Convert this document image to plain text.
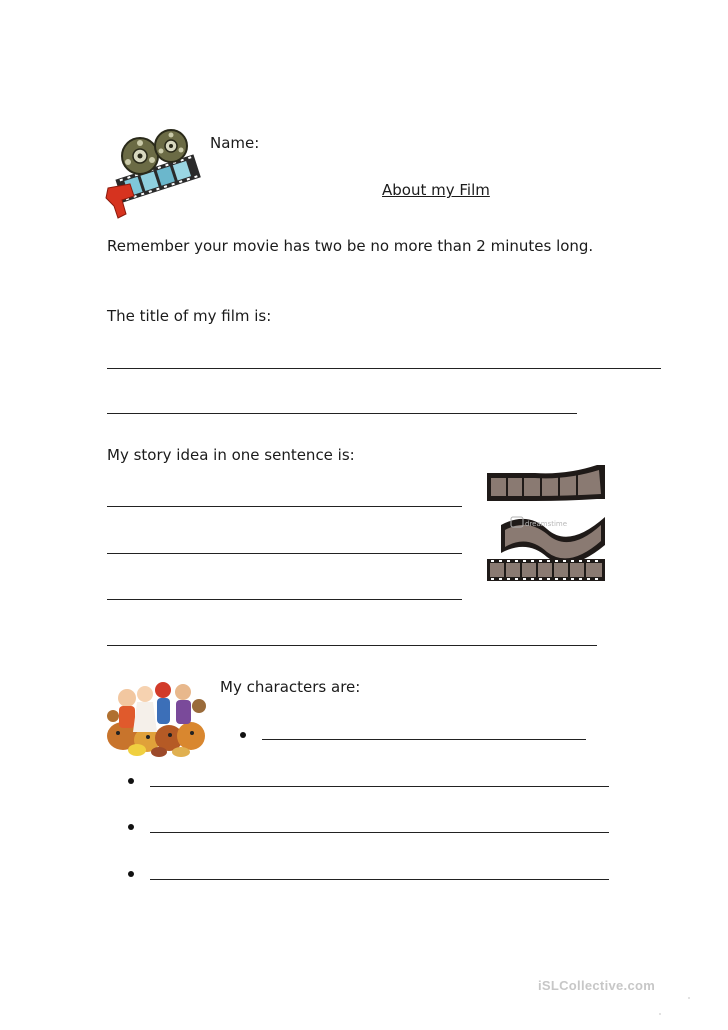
Name:
About my Film
Remember your movie has two be no more than 2 minutes long.
The title of my film is:
My story idea in one sentence is:
dreamstime
My characters are:
iSLCollective.com
